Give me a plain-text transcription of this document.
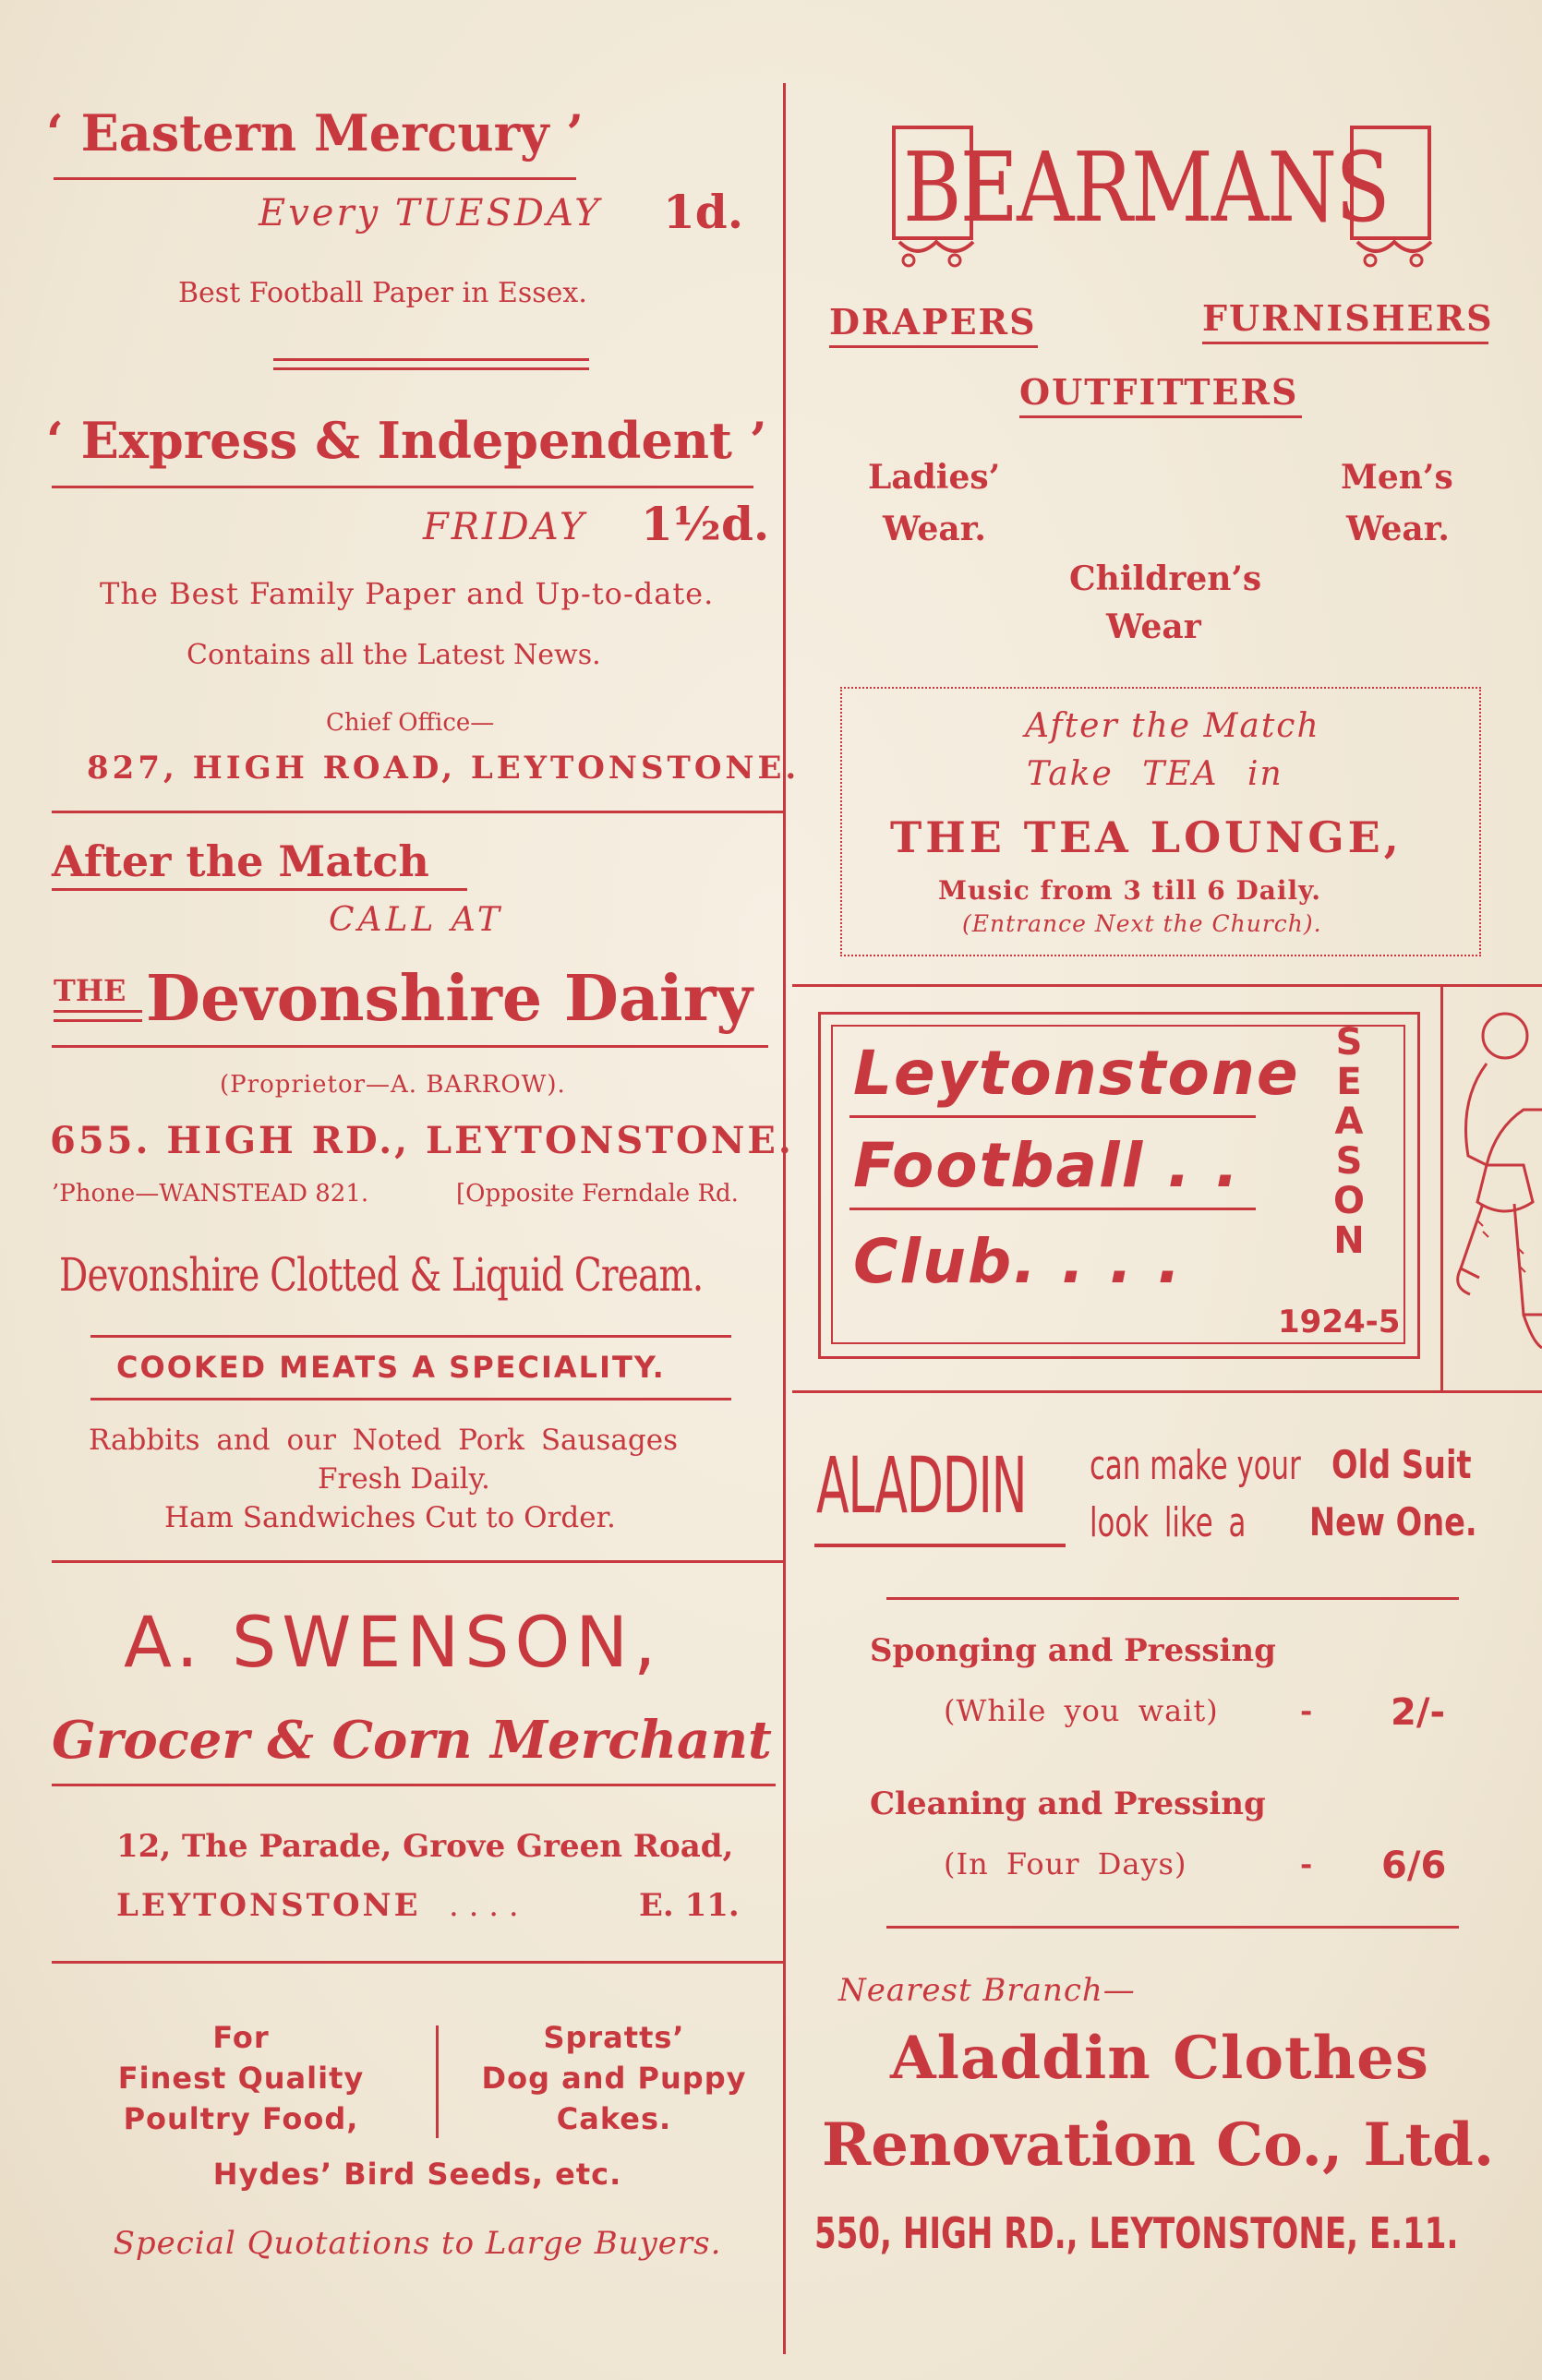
‘ Eastern Mercury ’
Every TUESDAY 1d.
Best Football Paper in Essex.
‘ Express & Independent ’
FRIDAY 1½d.
The Best Family Paper and Up-to-date.
Contains all the Latest News.
Chief Office—
827, HIGH ROAD, LEYTONSTONE.
After the Match
CALL AT
THE Devonshire Dairy
(Proprietor—A. BARROW).
655. HIGH RD., LEYTONSTONE.
’Phone—WANSTEAD 821.	[Opposite Ferndale Rd.
Devonshire Clotted & Liquid Cream.
COOKED MEATS A SPECIALITY.
Rabbits and our Noted Pork Sausages
Fresh Daily.
Ham Sandwiches Cut to Order.
A. SWENSON,
Grocer & Corn Merchant
12, The Parade, Grove Green Road,
LEYTONSTONE . . . .	E. 11.
For
Finest Quality
Poultry Food,
Spratts’
Dog and Puppy
Cakes.
Hydes’ Bird Seeds, etc.
Special Quotations to Large Buyers.
BEARMANS
DRAPERS	FURNISHERS
OUTFITTERS
Ladies’
Wear.
Men’s
Wear.
Children’s
Wear
After the Match
Take TEA in
THE TEA LOUNGE,
Music from 3 till 6 Daily.
(Entrance Next the Church).
Leytonstone
Football . .
Club. . . .
S
E
A
S
O
N
1924-5
ALADDIN can make your Old Suit
look like a New One.
Sponging and Pressing
(While you wait)	- 2/-
Cleaning and Pressing
(In Four Days)	- 6/6
Nearest Branch—
Aladdin Clothes
Renovation Co., Ltd.
550, HIGH RD., LEYTONSTONE, E.11.
